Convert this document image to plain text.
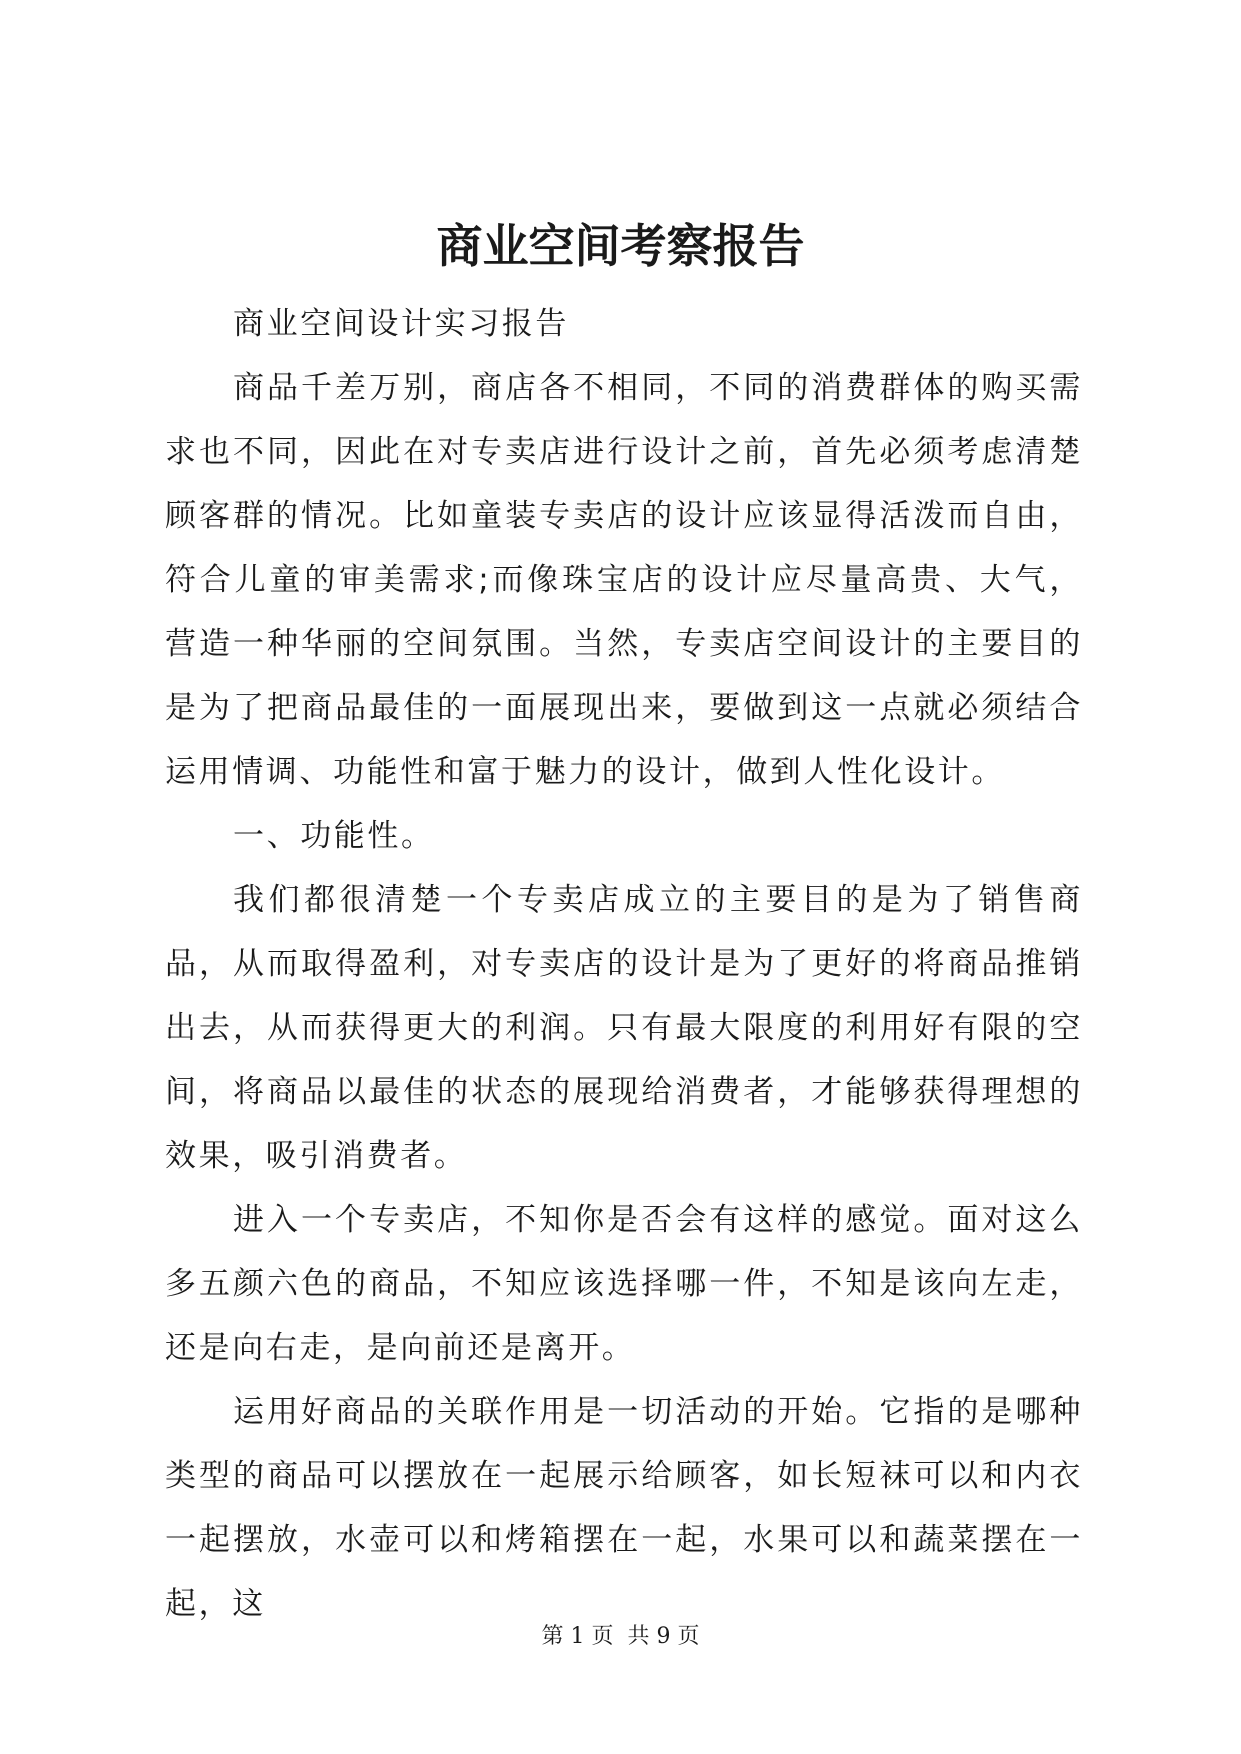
商业空间考察报告

商业空间设计实习报告

商品千差万别，商店各不相同，不同的消费群体的购买需求也不同，因此在对专卖店进行设计之前，首先必须考虑清楚顾客群的情况。比如童装专卖店的设计应该显得活泼而自由，符合儿童的审美需求;而像珠宝店的设计应尽量高贵、大气，营造一种华丽的空间氛围。当然，专卖店空间设计的主要目的是为了把商品最佳的一面展现出来，要做到这一点就必须结合运用情调、功能性和富于魅力的设计，做到人性化设计。

一、功能性。

我们都很清楚一个专卖店成立的主要目的是为了销售商品，从而取得盈利，对专卖店的设计是为了更好的将商品推销出去，从而获得更大的利润。只有最大限度的利用好有限的空间，将商品以最佳的状态的展现给消费者，才能够获得理想的效果，吸引消费者。

进入一个专卖店，不知你是否会有这样的感觉。面对这么多五颜六色的商品，不知应该选择哪一件，不知是该向左走，还是向右走，是向前还是离开。

运用好商品的关联作用是一切活动的开始。它指的是哪种类型的商品可以摆放在一起展示给顾客，如长短袜可以和内衣一起摆放，水壶可以和烤箱摆在一起，水果可以和蔬菜摆在一起，这

第 1 页 共 9 页
